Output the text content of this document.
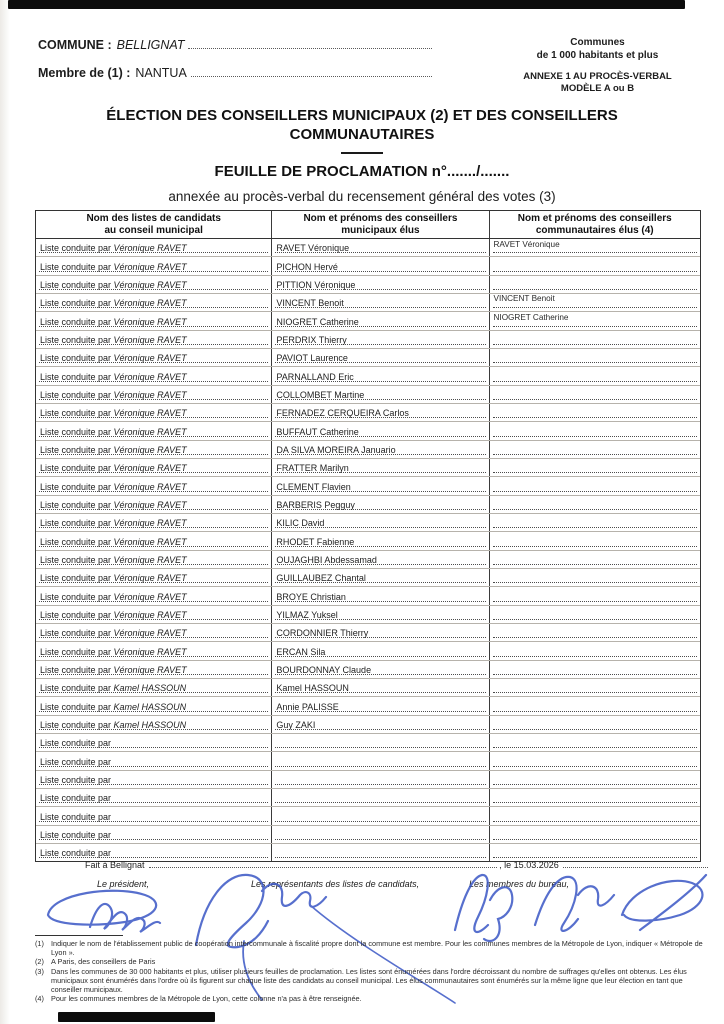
COMMUNE : BELLIGNAT	Communes
de 1 000 habitants et plus
Membre de (1) : NANTUA	ANNEXE 1 AU PROCÈS-VERBAL
MODÈLE A ou B
ÉLECTION DES CONSEILLERS MUNICIPAUX (2) ET DES CONSEILLERS
COMMUNAUTAIRES
FEUILLE DE PROCLAMATION n°......./.......
annexée au procès-verbal du recensement général des votes (3)
Nom des listes de candidats
au conseil municipal
Nom et prénoms des conseillers
municipaux élus
Nom et prénoms des conseillers
communautaires élus (4)
Liste conduite par Véronique RAVET	RAVET Véronique	RAVET Véronique
Liste conduite par Véronique RAVET	PICHON Hervé
Liste conduite par Véronique RAVET	PITTION Véronique
Liste conduite par Véronique RAVET	VINCENT Benoit	VINCENT Benoit
Liste conduite par Véronique RAVET	NIOGRET Catherine	NIOGRET Catherine
Liste conduite par Véronique RAVET	PERDRIX Thierry
Liste conduite par Véronique RAVET	PAVIOT Laurence
Liste conduite par Véronique RAVET	PARNALLAND Eric
Liste conduite par Véronique RAVET	COLLOMBET Martine
Liste conduite par Véronique RAVET	FERNADEZ CERQUEIRA Carlos
Liste conduite par Véronique RAVET	BUFFAUT Catherine
Liste conduite par Véronique RAVET	DA SILVA MOREIRA Januario
Liste conduite par Véronique RAVET	FRATTER Marilyn
Liste conduite par Véronique RAVET	CLEMENT Flavien
Liste conduite par Véronique RAVET	BARBERIS Pegguy
Liste conduite par Véronique RAVET	KILIC David
Liste conduite par Véronique RAVET	RHODET Fabienne
Liste conduite par Véronique RAVET	OUJAGHBI Abdessamad
Liste conduite par Véronique RAVET	GUILLAUBEZ Chantal
Liste conduite par Véronique RAVET	BROYE Christian
Liste conduite par Véronique RAVET	YILMAZ Yuksel
Liste conduite par Véronique RAVET	CORDONNIER Thierry
Liste conduite par Véronique RAVET	ERCAN Sila
Liste conduite par Véronique RAVET	BOURDONNAY Claude
Liste conduite par Kamel HASSOUN	Kamel HASSOUN
Liste conduite par Kamel HASSOUN	Annie PALISSE
Liste conduite par Kamel HASSOUN	Guy ZAKI
Liste conduite par
Liste conduite par
Liste conduite par
Liste conduite par
Liste conduite par
Liste conduite par
Liste conduite par
Fait à Bellignat	, le 15.03.2026
Le président,	Les représentants des listes de candidats,	Les membres du bureau,
(1) Indiquer le nom de l'établissement public de coopération intercommunale à fiscalité propre dont la commune est membre. Pour les communes membres de la Métropole de Lyon, indiquer « Métropole de Lyon ».
(2) A Paris, des conseillers de Paris
(3) Dans les communes de 30 000 habitants et plus, utiliser plusieurs feuilles de proclamation. Les listes sont énumérées dans l'ordre décroissant du nombre de suffrages qu'elles ont obtenus. Les élus municipaux sont énumérés dans l'ordre où ils figurent sur chaque liste des candidats au conseil municipal. Les élus communautaires sont énumérés sur la même ligne que leur élection en tant que conseiller municipaux.
(4) Pour les communes membres de la Métropole de Lyon, cette colonne n'a pas à être renseignée.
